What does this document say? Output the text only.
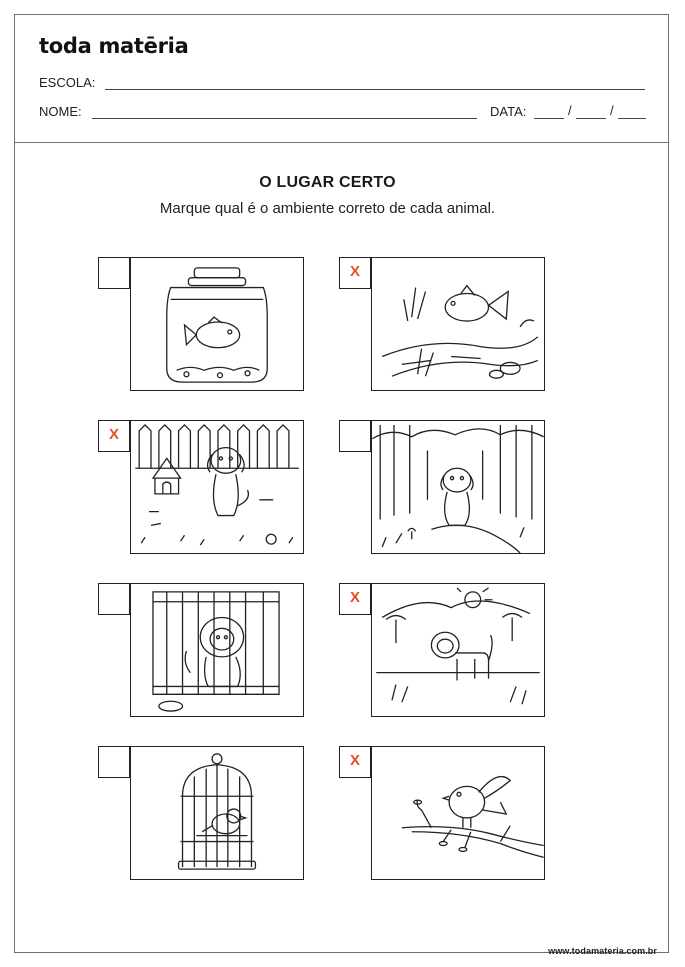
toda matēria
ESCOLA:
NOME:	DATA:	/	/
O LUGAR CERTO
Marque qual é o ambiente correto de cada animal.
X
X
X
X
www.todamateria.com.br
